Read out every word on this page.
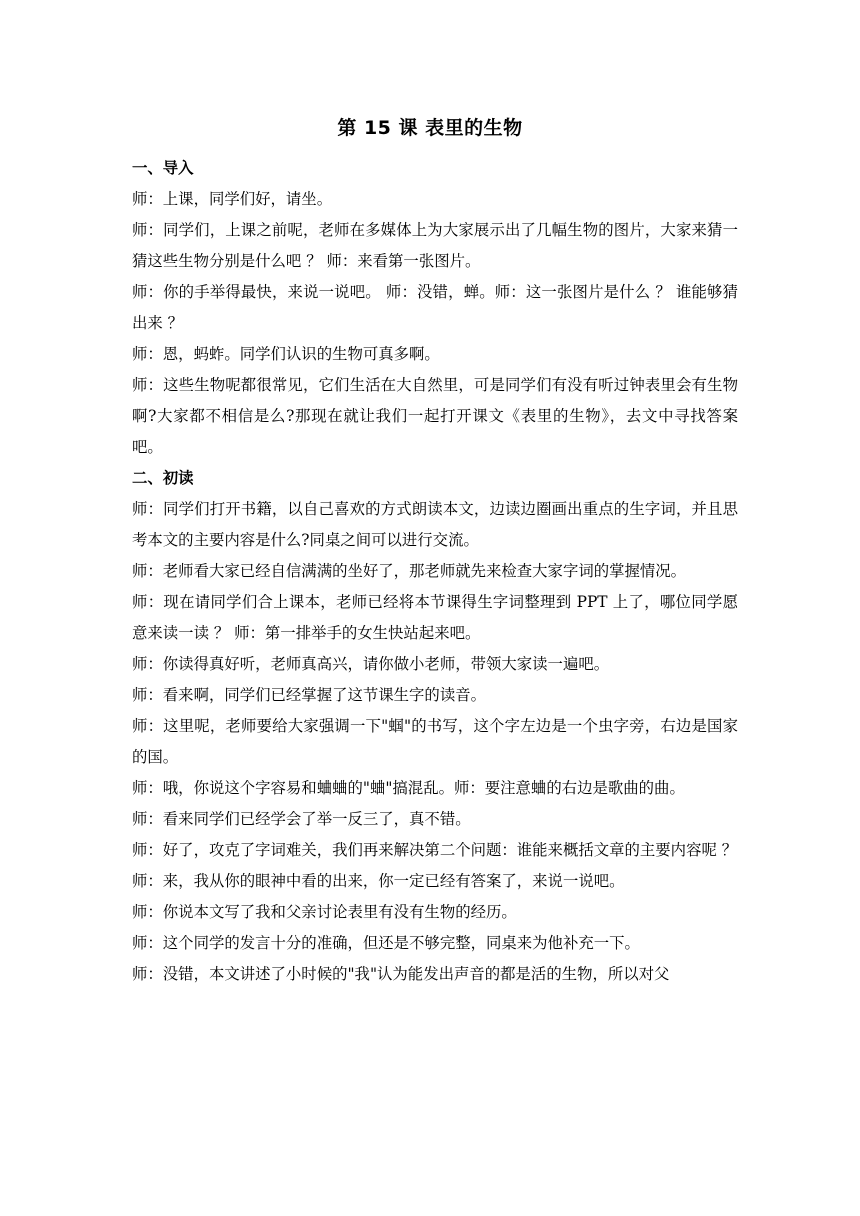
第 15 课 表里的生物
一、导入

师：上课，同学们好，请坐。

师：同学们，上课之前呢，老师在多媒体上为大家展示出了几幅生物的图片，大家来猜一猜这些生物分别是什么吧 ？ 师：来看第一张图片。

师：你的手举得最快，来说一说吧。 师：没错，蝉。师：这一张图片是什么 ？ 谁能够猜出来 ？

师：恩，蚂蚱。同学们认识的生物可真多啊。

师：这些生物呢都很常见，它们生活在大自然里，可是同学们有没有听过钟表里会有生物啊?大家都不相信是么?那现在就让我们一起打开课文《表里的生物》，去文中寻找答案吧。

二、初读

师：同学们打开书籍，以自己喜欢的方式朗读本文，边读边圈画出重点的生字词，并且思考本文的主要内容是什么?同桌之间可以进行交流。

师：老师看大家已经自信满满的坐好了，那老师就先来检查大家字词的掌握情况。

师：现在请同学们合上课本，老师已经将本节课得生字词整理到 PPT 上了，哪位同学愿意来读一读 ？ 师：第一排举手的女生快站起来吧。

师：你读得真好听，老师真高兴，请你做小老师，带领大家读一遍吧。

师：看来啊，同学们已经掌握了这节课生字的读音。

师：这里呢，老师要给大家强调一下"蝈"的书写，这个字左边是一个虫字旁，右边是国家的国。

师：哦，你说这个字容易和蛐蛐的"蛐"搞混乱。师：要注意蛐的右边是歌曲的曲。

师：看来同学们已经学会了举一反三了，真不错。

师：好了，攻克了字词难关，我们再来解决第二个问题：谁能来概括文章的主要内容呢 ？

师：来，我从你的眼神中看的出来，你一定已经有答案了，来说一说吧。

师：你说本文写了我和父亲讨论表里有没有生物的经历。

师：这个同学的发言十分的准确，但还是不够完整，同桌来为他补充一下。

师：没错，本文讲述了小时候的"我"认为能发出声音的都是活的生物，所以对父
